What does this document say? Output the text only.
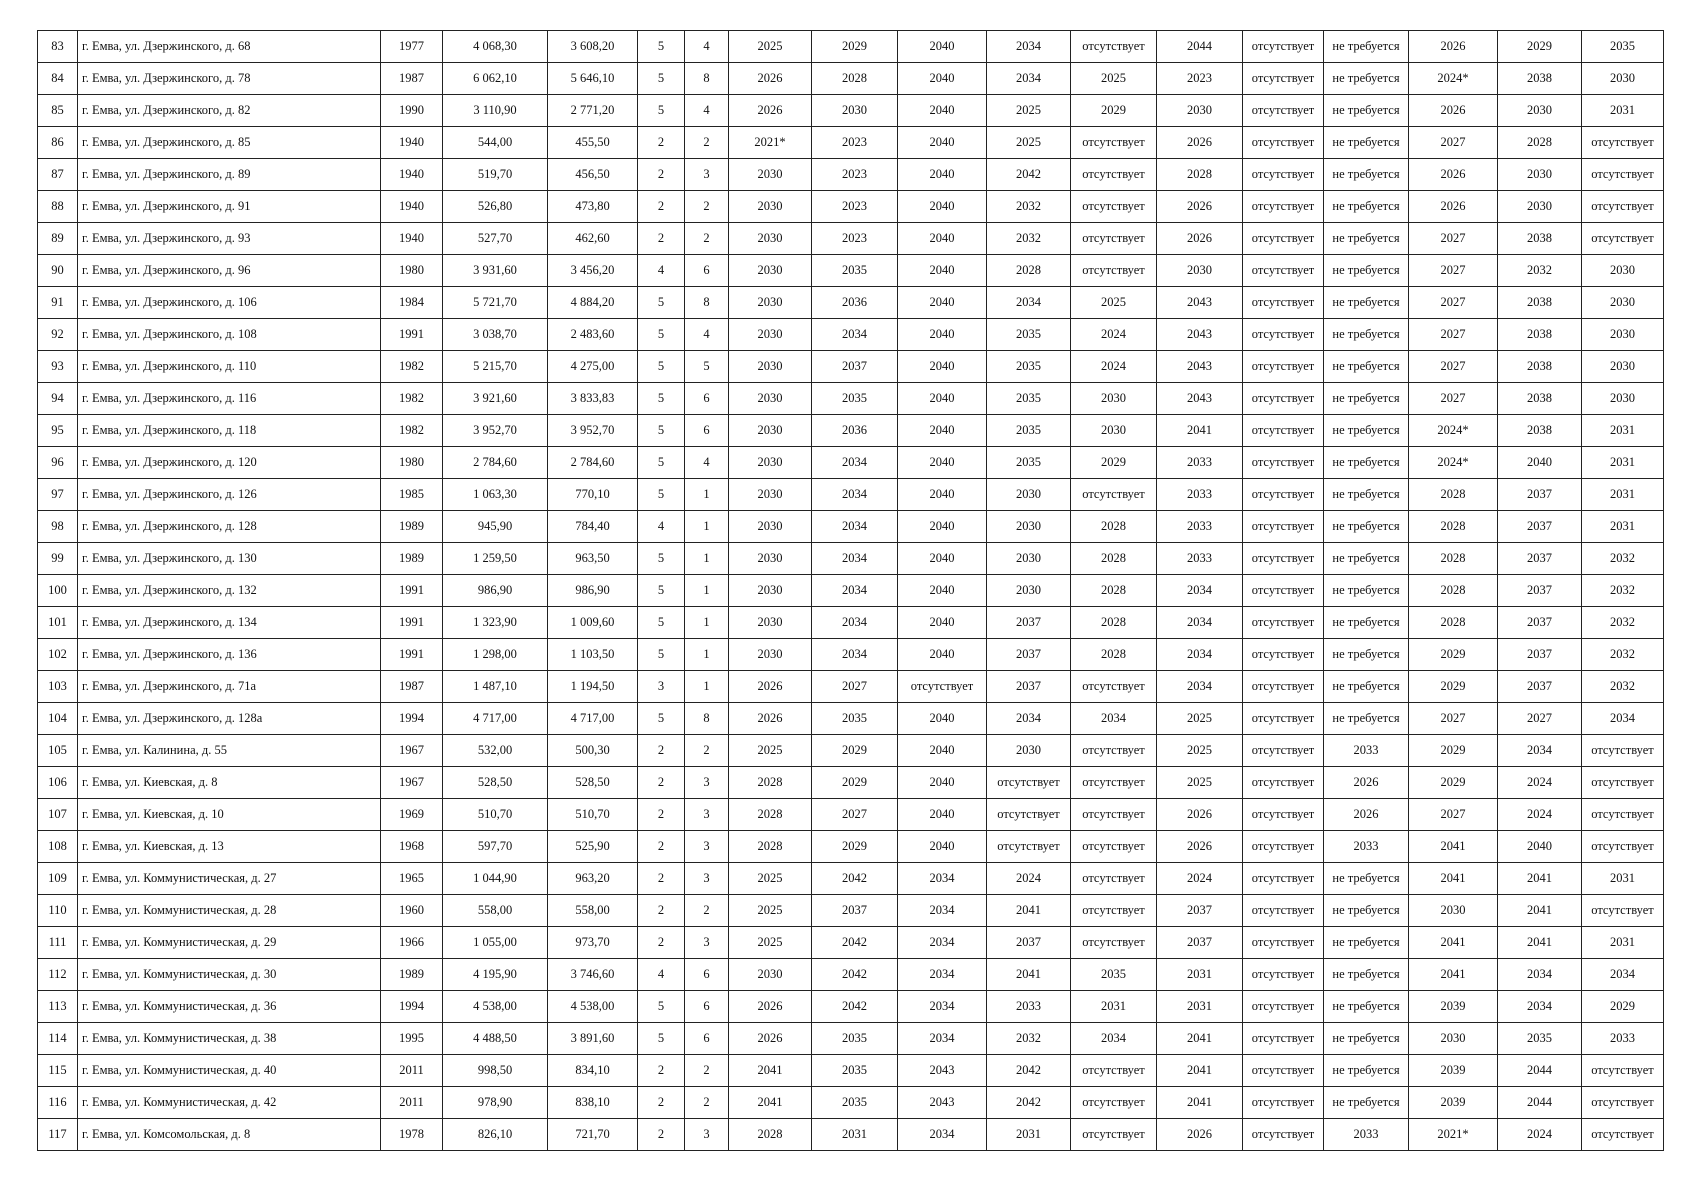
83	г. Емва, ул. Дзержинского, д. 68	1977	4 068,30	3 608,20	5	4	2025	2029	2040	2034	отсутствует	2044	отсутствует	не требуется	2026	2029	2035
84	г. Емва, ул. Дзержинского, д. 78	1987	6 062,10	5 646,10	5	8	2026	2028	2040	2034	2025	2023	отсутствует	не требуется	2024*	2038	2030
85	г. Емва, ул. Дзержинского, д. 82	1990	3 110,90	2 771,20	5	4	2026	2030	2040	2025	2029	2030	отсутствует	не требуется	2026	2030	2031
86	г. Емва, ул. Дзержинского, д. 85	1940	544,00	455,50	2	2	2021*	2023	2040	2025	отсутствует	2026	отсутствует	не требуется	2027	2028	отсутствует
87	г. Емва, ул. Дзержинского, д. 89	1940	519,70	456,50	2	3	2030	2023	2040	2042	отсутствует	2028	отсутствует	не требуется	2026	2030	отсутствует
88	г. Емва, ул. Дзержинского, д. 91	1940	526,80	473,80	2	2	2030	2023	2040	2032	отсутствует	2026	отсутствует	не требуется	2026	2030	отсутствует
89	г. Емва, ул. Дзержинского, д. 93	1940	527,70	462,60	2	2	2030	2023	2040	2032	отсутствует	2026	отсутствует	не требуется	2027	2038	отсутствует
90	г. Емва, ул. Дзержинского, д. 96	1980	3 931,60	3 456,20	4	6	2030	2035	2040	2028	отсутствует	2030	отсутствует	не требуется	2027	2032	2030
91	г. Емва, ул. Дзержинского, д. 106	1984	5 721,70	4 884,20	5	8	2030	2036	2040	2034	2025	2043	отсутствует	не требуется	2027	2038	2030
92	г. Емва, ул. Дзержинского, д. 108	1991	3 038,70	2 483,60	5	4	2030	2034	2040	2035	2024	2043	отсутствует	не требуется	2027	2038	2030
93	г. Емва, ул. Дзержинского, д. 110	1982	5 215,70	4 275,00	5	5	2030	2037	2040	2035	2024	2043	отсутствует	не требуется	2027	2038	2030
94	г. Емва, ул. Дзержинского, д. 116	1982	3 921,60	3 833,83	5	6	2030	2035	2040	2035	2030	2043	отсутствует	не требуется	2027	2038	2030
95	г. Емва, ул. Дзержинского, д. 118	1982	3 952,70	3 952,70	5	6	2030	2036	2040	2035	2030	2041	отсутствует	не требуется	2024*	2038	2031
96	г. Емва, ул. Дзержинского, д. 120	1980	2 784,60	2 784,60	5	4	2030	2034	2040	2035	2029	2033	отсутствует	не требуется	2024*	2040	2031
97	г. Емва, ул. Дзержинского, д. 126	1985	1 063,30	770,10	5	1	2030	2034	2040	2030	отсутствует	2033	отсутствует	не требуется	2028	2037	2031
98	г. Емва, ул. Дзержинского, д. 128	1989	945,90	784,40	4	1	2030	2034	2040	2030	2028	2033	отсутствует	не требуется	2028	2037	2031
99	г. Емва, ул. Дзержинского, д. 130	1989	1 259,50	963,50	5	1	2030	2034	2040	2030	2028	2033	отсутствует	не требуется	2028	2037	2032
100	г. Емва, ул. Дзержинского, д. 132	1991	986,90	986,90	5	1	2030	2034	2040	2030	2028	2034	отсутствует	не требуется	2028	2037	2032
101	г. Емва, ул. Дзержинского, д. 134	1991	1 323,90	1 009,60	5	1	2030	2034	2040	2037	2028	2034	отсутствует	не требуется	2028	2037	2032
102	г. Емва, ул. Дзержинского, д. 136	1991	1 298,00	1 103,50	5	1	2030	2034	2040	2037	2028	2034	отсутствует	не требуется	2029	2037	2032
103	г. Емва, ул. Дзержинского, д. 71а	1987	1 487,10	1 194,50	3	1	2026	2027	отсутствует	2037	отсутствует	2034	отсутствует	не требуется	2029	2037	2032
104	г. Емва, ул. Дзержинского, д. 128а	1994	4 717,00	4 717,00	5	8	2026	2035	2040	2034	2034	2025	отсутствует	не требуется	2027	2027	2034
105	г. Емва, ул. Калинина, д. 55	1967	532,00	500,30	2	2	2025	2029	2040	2030	отсутствует	2025	отсутствует	2033	2029	2034	отсутствует
106	г. Емва, ул. Киевская, д. 8	1967	528,50	528,50	2	3	2028	2029	2040	отсутствует	отсутствует	2025	отсутствует	2026	2029	2024	отсутствует
107	г. Емва, ул. Киевская, д. 10	1969	510,70	510,70	2	3	2028	2027	2040	отсутствует	отсутствует	2026	отсутствует	2026	2027	2024	отсутствует
108	г. Емва, ул. Киевская, д. 13	1968	597,70	525,90	2	3	2028	2029	2040	отсутствует	отсутствует	2026	отсутствует	2033	2041	2040	отсутствует
109	г. Емва, ул. Коммунистическая, д. 27	1965	1 044,90	963,20	2	3	2025	2042	2034	2024	отсутствует	2024	отсутствует	не требуется	2041	2041	2031
110	г. Емва, ул. Коммунистическая, д. 28	1960	558,00	558,00	2	2	2025	2037	2034	2041	отсутствует	2037	отсутствует	не требуется	2030	2041	отсутствует
111	г. Емва, ул. Коммунистическая, д. 29	1966	1 055,00	973,70	2	3	2025	2042	2034	2037	отсутствует	2037	отсутствует	не требуется	2041	2041	2031
112	г. Емва, ул. Коммунистическая, д. 30	1989	4 195,90	3 746,60	4	6	2030	2042	2034	2041	2035	2031	отсутствует	не требуется	2041	2034	2034
113	г. Емва, ул. Коммунистическая, д. 36	1994	4 538,00	4 538,00	5	6	2026	2042	2034	2033	2031	2031	отсутствует	не требуется	2039	2034	2029
114	г. Емва, ул. Коммунистическая, д. 38	1995	4 488,50	3 891,60	5	6	2026	2035	2034	2032	2034	2041	отсутствует	не требуется	2030	2035	2033
115	г. Емва, ул. Коммунистическая, д. 40	2011	998,50	834,10	2	2	2041	2035	2043	2042	отсутствует	2041	отсутствует	не требуется	2039	2044	отсутствует
116	г. Емва, ул. Коммунистическая, д. 42	2011	978,90	838,10	2	2	2041	2035	2043	2042	отсутствует	2041	отсутствует	не требуется	2039	2044	отсутствует
117	г. Емва, ул. Комсомольская, д. 8	1978	826,10	721,70	2	3	2028	2031	2034	2031	отсутствует	2026	отсутствует	2033	2021*	2024	отсутствует
